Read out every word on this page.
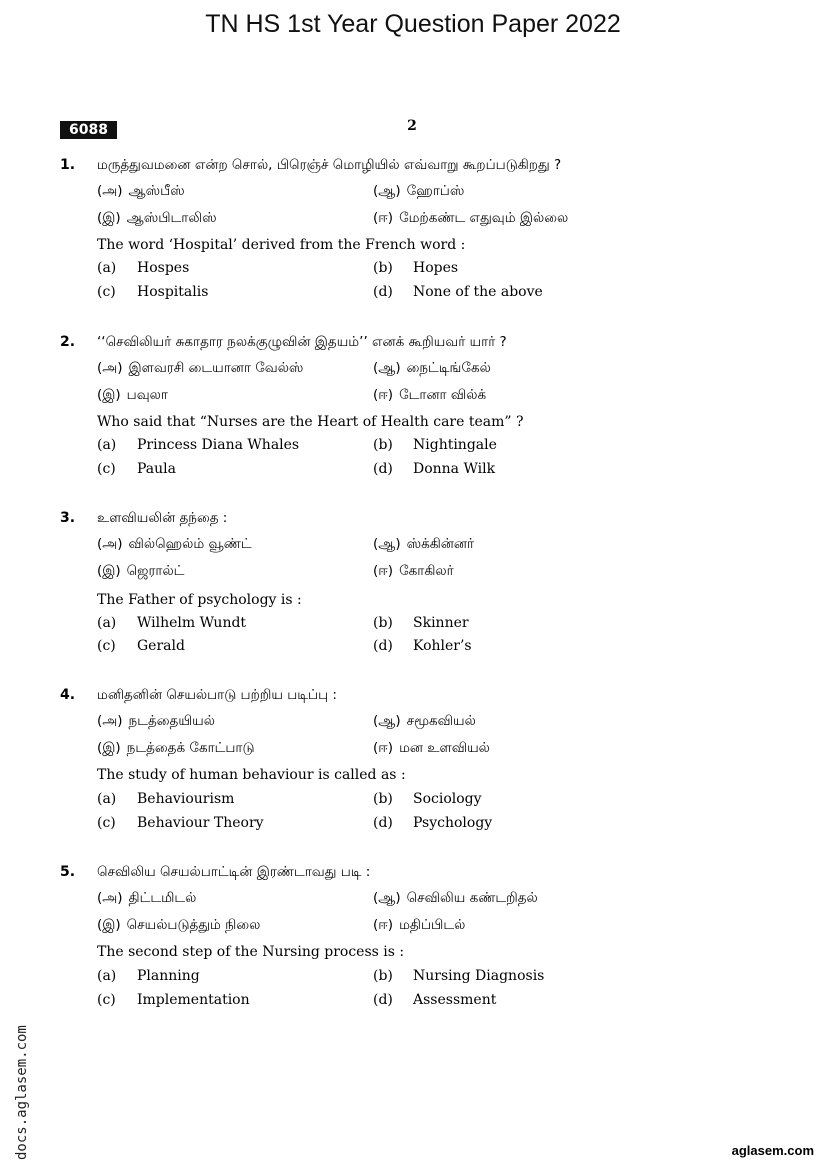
TN HS 1st Year Question Paper 2022
6088	2
1. மருத்துவமனை என்ற சொல், பிரெஞ்ச் மொழியில் எவ்வாறு கூறப்படுகிறது ?
(அ) ஆஸ்பீஸ்	(ஆ) ஹோப்ஸ்
(இ) ஆஸ்பிடாலிஸ்	(ஈ) மேற்கண்ட எதுவும் இல்லை
The word ‘Hospital’ derived from the French word :
(a) Hospes	(b) Hopes
(c) Hospitalis	(d) None of the above
2. ‘‘செவிலியர் சுகாதார நலக்குழுவின் இதயம்’’ எனக் கூறியவர் யார் ?
(அ) இளவரசி டையானா வேல்ஸ்	(ஆ) நைட்டிங்கேல்
(இ) பவுலா	(ஈ) டோனா வில்க்
Who said that “Nurses are the Heart of Health care team” ?
(a) Princess Diana Whales	(b) Nightingale
(c) Paula	(d) Donna Wilk
3. உளவியலின் தந்தை :
(அ) வில்ஹெல்ம் வூண்ட்	(ஆ) ஸ்க்கின்னர்
(இ) ஜெரால்ட்	(ஈ) கோகிலர்
The Father of psychology is :
(a) Wilhelm Wundt	(b) Skinner
(c) Gerald	(d) Kohler’s
4. மனிதனின் செயல்பாடு பற்றிய படிப்பு :
(அ) நடத்தையியல்	(ஆ) சமூகவியல்
(இ) நடத்தைக் கோட்பாடு	(ஈ) மன உளவியல்
The study of human behaviour is called as :
(a) Behaviourism	(b) Sociology
(c) Behaviour Theory	(d) Psychology
5. செவிலிய செயல்பாட்டின் இரண்டாவது படி :
(அ) திட்டமிடல்	(ஆ) செவிலிய கண்டறிதல்
(இ) செயல்படுத்தும் நிலை	(ஈ) மதிப்பிடல்
The second step of the Nursing process is :
(a) Planning	(b) Nursing Diagnosis
(c) Implementation	(d) Assessment
docs.aglasem.com	aglasem.com
